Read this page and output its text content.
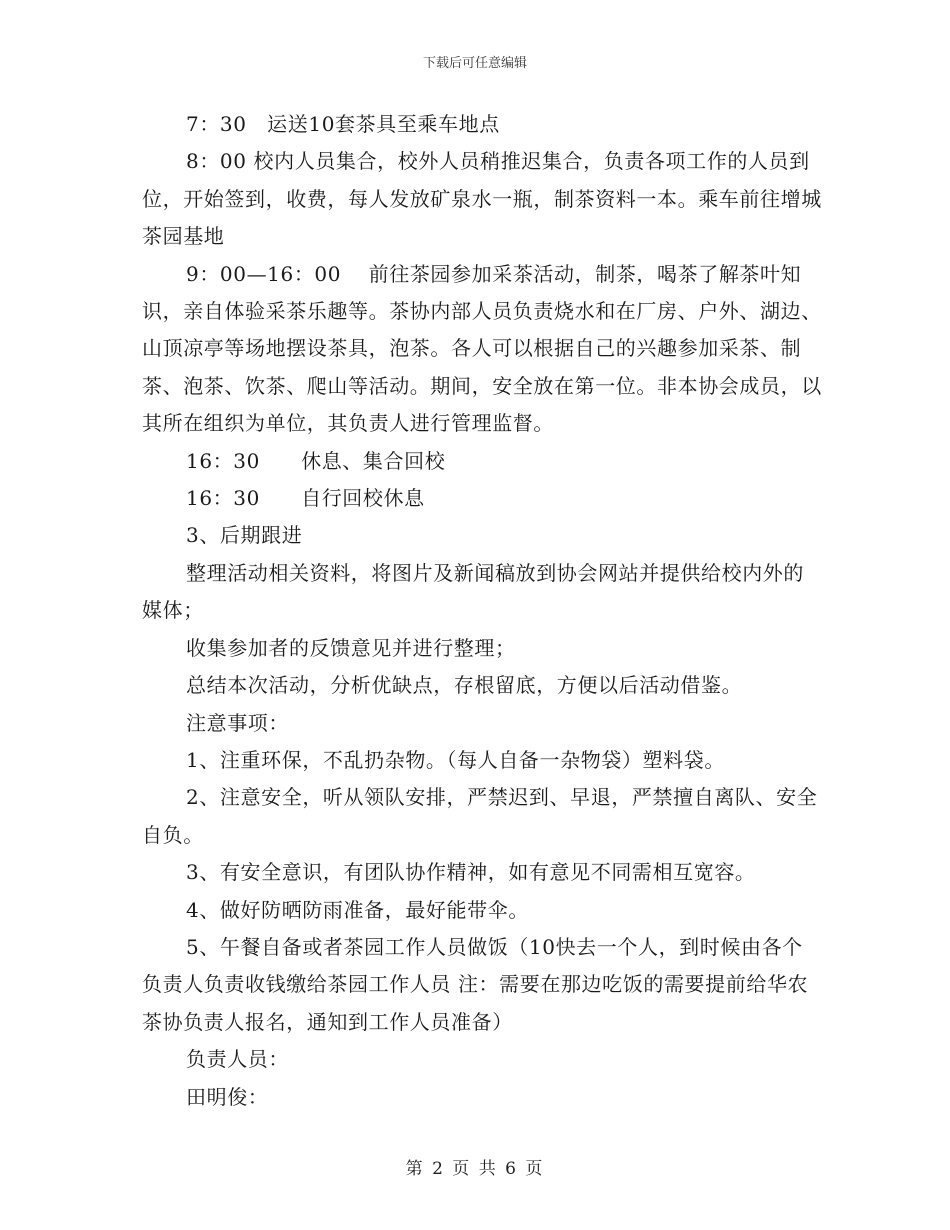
下载后可任意编辑

7：30　运送10套茶具至乘车地点

8：00 校内人员集合，校外人员稍推迟集合，负责各项工作的人员到位，开始签到，收费，每人发放矿泉水一瓶，制茶资料一本。乘车前往增城茶园基地

9：00—16：00　 前往茶园参加采茶活动，制茶，喝茶了解茶叶知识，亲自体验采茶乐趣等。茶协内部人员负责烧水和在厂房、户外、湖边、山顶凉亭等场地摆设茶具，泡茶。各人可以根据自己的兴趣参加采茶、制茶、泡茶、饮茶、爬山等活动。期间，安全放在第一位。非本协会成员，以其所在组织为单位，其负责人进行管理监督。

16：30　　休息、集合回校

16：30　　自行回校休息

3、后期跟进

整理活动相关资料，将图片及新闻稿放到协会网站并提供给校内外的媒体；

收集参加者的反馈意见并进行整理；

总结本次活动，分析优缺点，存根留底，方便以后活动借鉴。

注意事项：

1、注重环保，不乱扔杂物。（每人自备一杂物袋）塑料袋。

2、注意安全，听从领队安排，严禁迟到、早退，严禁擅自离队、安全自负。

3、有安全意识，有团队协作精神，如有意见不同需相互宽容。

4、做好防晒防雨准备，最好能带伞。

5、午餐自备或者茶园工作人员做饭（10快去一个人，到时候由各个负责人负责收钱缴给茶园工作人员 注：需要在那边吃饭的需要提前给华农茶协负责人报名，通知到工作人员准备）

负责人员：

田明俊：

第 2 页 共 6 页
